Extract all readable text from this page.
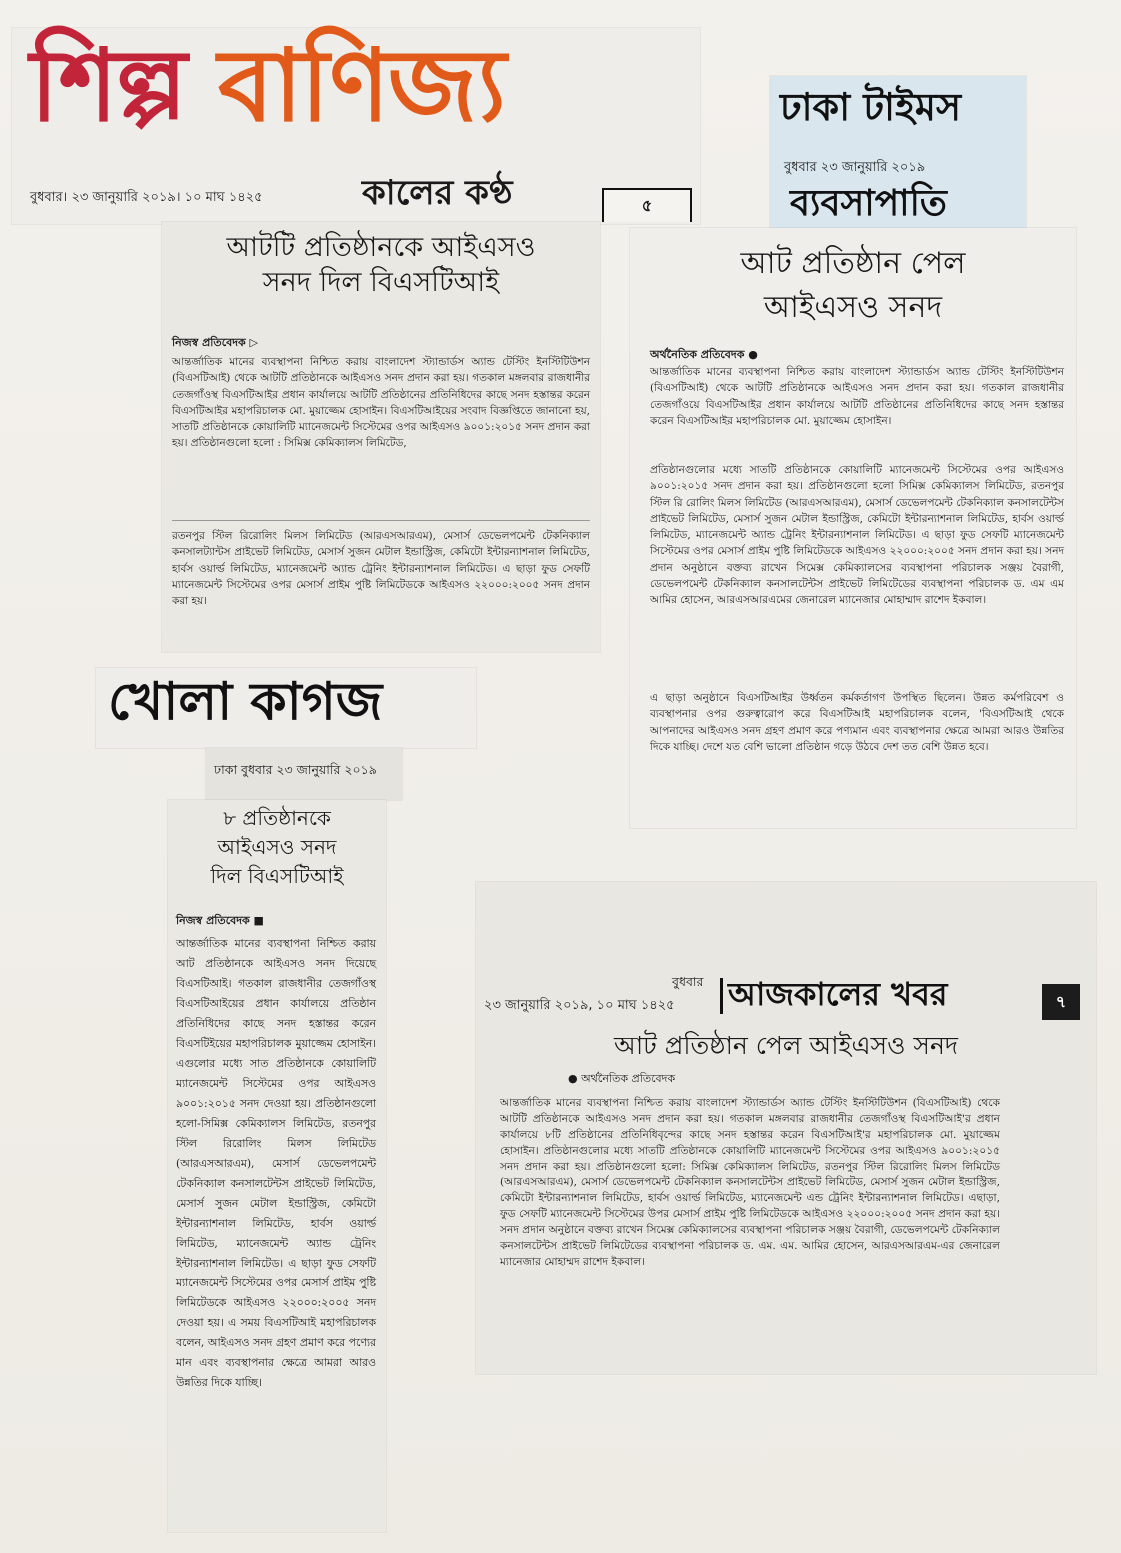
শিল্প বাণিজ্য
বুধবার। ২৩ জানুয়ারি ২০১৯। ১০ মাঘ ১৪২৫	কালের কণ্ঠ	৫
আটটি প্রতিষ্ঠানকে আইএসও
সনদ দিল বিএসটিআই
নিজস্ব প্রতিবেদক ▷

আন্তর্জাতিক মানের ব্যবস্থাপনা নিশ্চিত করায় বাংলাদেশ স্ট্যান্ডার্ডস অ্যান্ড টেস্টিং ইনস্টিটিউশন (বিএসটিআই) থেকে আটটি প্রতিষ্ঠানকে আইএসও সনদ প্রদান করা হয়। গতকাল মঙ্গলবার রাজধানীর তেজগাঁওস্থ বিএসটিআইর প্রধান কার্যালয়ে আটটি প্রতিষ্ঠানের প্রতিনিধিদের কাছে সনদ হস্তান্তর করেন বিএসটিআইর মহাপরিচালক মো. মুয়াজ্জেম হোসাইন। বিএসটিআইয়ের সংবাদ বিজ্ঞপ্তিতে জানানো হয়, সাতটি প্রতিষ্ঠানকে কোয়ালিটি ম্যানেজমেন্ট সিস্টেমের ওপর আইএসও ৯০০১:২০১৫ সনদ প্রদান করা হয়। প্রতিষ্ঠানগুলো হলো : সিমিক্স কেমিক্যালস লিমিটেড,

রতনপুর স্টিল রিরোলিং মিলস লিমিটেড (আরএসআরএম), মেসার্স ডেভেলপমেন্ট টেকনিক্যাল কনসালট্যান্টস প্রাইভেট লিমিটেড, মেসার্স সুজন মেটাল ইন্ডাস্ট্রিজ, কেমিটো ইন্টারন্যাশনাল লিমিটেড, হার্বস ওয়ার্ল্ড লিমিটেড, ম্যানেজমেন্ট অ্যান্ড ট্রেনিং ইন্টারন্যাশনাল লিমিটেড। এ ছাড়া ফুড সেফটি ম্যানেজমেন্ট সিস্টেমের ওপর মেসার্স প্রাইম পুষ্টি লিমিটেডকে আইএসও ২২০০০:২০০৫ সনদ প্রদান করা হয়।

ঢাকা টাইমস
বুধবার ২৩ জানুয়ারি ২০১৯
ব্যবসাপাতি
আট প্রতিষ্ঠান পেল
আইএসও সনদ
অর্থনৈতিক প্রতিবেদক ●

আন্তর্জাতিক মানের ব্যবস্থাপনা নিশ্চিত করায় বাংলাদেশ স্ট্যান্ডার্ডস অ্যান্ড টেস্টিং ইনস্টিটিউশন (বিএসটিআই) থেকে আটটি প্রতিষ্ঠানকে আইএসও সনদ প্রদান করা হয়। গতকাল রাজধানীর তেজগাঁওয়ে বিএসটিআইর প্রধান কার্যালয়ে আটটি প্রতিষ্ঠানের প্রতিনিধিদের কাছে সনদ হস্তান্তর করেন বিএসটিআইর মহাপরিচালক মো. মুয়াজ্জেম হোসাইন।

প্রতিষ্ঠানগুলোর মধ্যে সাতটি প্রতিষ্ঠানকে কোয়ালিটি ম্যানেজমেন্ট সিস্টেমের ওপর আইএসও ৯০০১:২০১৫ সনদ প্রদান করা হয়। প্রতিষ্ঠানগুলো হলো সিমিক্স কেমিক্যালস লিমিটেড, রতনপুর স্টিল রি রোলিং মিলস লিমিটেড (আরএসআরএম), মেসার্স ডেভেলপমেন্ট টেকনিক্যাল কনসালটেন্টস প্রাইভেট লিমিটেড, মেসার্স সুজন মেটাল ইন্ডাস্ট্রিজ, কেমিটো ইন্টারন্যাশনাল লিমিটেড, হার্বস ওয়ার্ল্ড লিমিটেড, ম্যানেজমেন্ট অ্যান্ড ট্রেনিং ইন্টারন্যাশনাল লিমিটেড। এ ছাড়া ফুড সেফটি ম্যানেজমেন্ট সিস্টেমের ওপর মেসার্স প্রাইম পুষ্টি লিমিটেডকে আইএসও ২২০০০:২০০৫ সনদ প্রদান করা হয়। সনদ প্রদান অনুষ্ঠানে বক্তব্য রাখেন সিমেক্স কেমিক্যালসের ব্যবস্থাপনা পরিচালক সঞ্জয় বৈরাগী, ডেভেলপমেন্ট টেকনিক্যাল কনসালটেন্টস প্রাইভেট লিমিটেডের ব্যবস্থাপনা পরিচালক ড. এম এম আমির হোসেন, আরএসআরএমের জেনারেল ম্যানেজার মোহাম্মাদ রাশেদ ইকবাল।

এ ছাড়া অনুষ্ঠানে বিএসটিআইর উর্ধ্বতন কর্মকর্তাগণ উপস্থিত ছিলেন। উন্নত কর্মপরিবেশ ও ব্যবস্থাপনার ওপর গুরুত্বারোপ করে বিএসটিআই মহাপরিচালক বলেন, 'বিএসটিআই থেকে আপনাদের আইএসও সনদ গ্রহণ প্রমাণ করে পণ্যমান এবং ব্যবস্থাপনার ক্ষেত্রে আমরা আরও উন্নতির দিকে যাচ্ছি। দেশে যত বেশি ভালো প্রতিষ্ঠান গড়ে উঠবে দেশ তত বেশি উন্নত হবে।

খোলা কাগজ
ঢাকা বুধবার ২৩ জানুয়ারি ২০১৯
৮ প্রতিষ্ঠানকে
আইএসও সনদ
দিল বিএসটিআই
নিজস্ব প্রতিবেদক ■

আন্তর্জাতিক মানের ব্যবস্থাপনা নিশ্চিত করায় আট প্রতিষ্ঠানকে আইএসও সনদ দিয়েছে বিএসটিআই। গতকাল রাজধানীর তেজগাঁওস্থ বিএসটিআইয়ের প্রধান কার্যালয়ে প্রতিষ্ঠান প্রতিনিধিদের কাছে সনদ হস্তান্তর করেন বিএসটিইয়ের মহাপরিচালক মুয়াজ্জেম হোসাইন। এগুলোর মধ্যে সাত প্রতিষ্ঠানকে কোয়ালিটি ম্যানেজমেন্ট সিস্টেমের ওপর আইএসও ৯০০১:২০১৫ সনদ দেওয়া হয়। প্রতিষ্ঠানগুলো হলো-সিমিক্স কেমিক্যালস লিমিটেড, রতনপুর স্টিল রিরোলিং মিলস লিমিটেড (আরএসআরএম), মেসার্স ডেভেলপমেন্ট টেকনিক্যাল কনসালটেন্টস প্রাইভেট লিমিটেড, মেসার্স সুজন মেটাল ইন্ডাস্ট্রিজ, কেমিটো ইন্টারন্যাশনাল লিমিটেড, হার্বস ওয়ার্ল্ড লিমিটেড, ম্যানেজমেন্ট অ্যান্ড ট্রেনিং ইন্টারন্যাশনাল লিমিটেড। এ ছাড়া ফুড সেফটি ম্যানেজমেন্ট সিস্টেমের ওপর মেসার্স প্রাইম পুষ্টি লিমিটেডকে আইএসও ২২০০০:২০০৫ সনদ দেওয়া হয়। এ সময় বিএসটিআই মহাপরিচালক বলেন, আইএসও সনদ গ্রহণ প্রমাণ করে পণ্যের মান এবং ব্যবস্থাপনার ক্ষেত্রে আমরা আরও উন্নতির দিকে যাচ্ছি।

বুধবার
২৩ জানুয়ারি ২০১৯, ১০ মাঘ ১৪২৫ আজকালের খবর	৭
আট প্রতিষ্ঠান পেল আইএসও সনদ
● অর্থনৈতিক প্রতিবেদক

আন্তর্জাতিক মানের ব্যবস্থাপনা নিশ্চিত করায় বাংলাদেশ স্ট্যান্ডার্ডস অ্যান্ড টেস্টিং ইনস্টিটিউশন (বিএসটিআই) থেকে আটটি প্রতিষ্ঠানকে আইএসও সনদ প্রদান করা হয়। গতকাল মঙ্গলবার রাজধানীর তেজগাঁওস্থ বিএসটিআই'র প্রধান কার্যালয়ে ৮টি প্রতিষ্ঠানের প্রতিনিধিবৃন্দের কাছে সনদ হস্তান্তর করেন বিএসটিআই'র মহাপরিচালক মো. মুয়াজ্জেম হোসাইন। প্রতিষ্ঠানগুলোর মধ্যে সাতটি প্রতিষ্ঠানকে কোয়ালিটি ম্যানেজমেন্ট সিস্টেমের ওপর আইএসও ৯০০১:২০১৫ সনদ প্রদান করা হয়। প্রতিষ্ঠানগুলো হলো: সিমিক্স কেমিক্যালস লিমিটেড, রতনপুর স্টিল রিরোলিং মিলস লিমিটেড (আরএসআরএম), মেসার্স ডেভেলপমেন্ট টেকনিক্যাল কনসালটেন্টস প্রাইভেট লিমিটেড, মেসার্স সুজন মেটাল ইন্ডাস্ট্রিজ, কেমিটো ইন্টারন্যাশনাল লিমিটেড, হার্বস ওয়ার্ল্ড লিমিটেড, ম্যানেজমেন্ট এন্ড ট্রেনিং ইন্টারন্যাশনাল লিমিটেড। এছাড়া, ফুড সেফটি ম্যানেজমেন্ট সিস্টেমের উপর মেসার্স প্রাইম পুষ্টি লিমিটেডকে আইএসও ২২০০০:২০০৫ সনদ প্রদান করা হয়। সনদ প্রদান অনুষ্ঠানে বক্তব্য রাখেন সিমেক্স কেমিক্যালসের ব্যবস্থাপনা পরিচালক সঞ্জয় বৈরাগী, ডেভেলপমেন্ট টেকনিক্যাল কনসালটেন্টস প্রাইভেট লিমিটেডের ব্যবস্থাপনা পরিচালক ড. এম. এম. আমির হোসেন, আরএসআরএম-এর জেনারেল ম্যানেজার মোহাম্মদ রাশেদ ইকবাল।
